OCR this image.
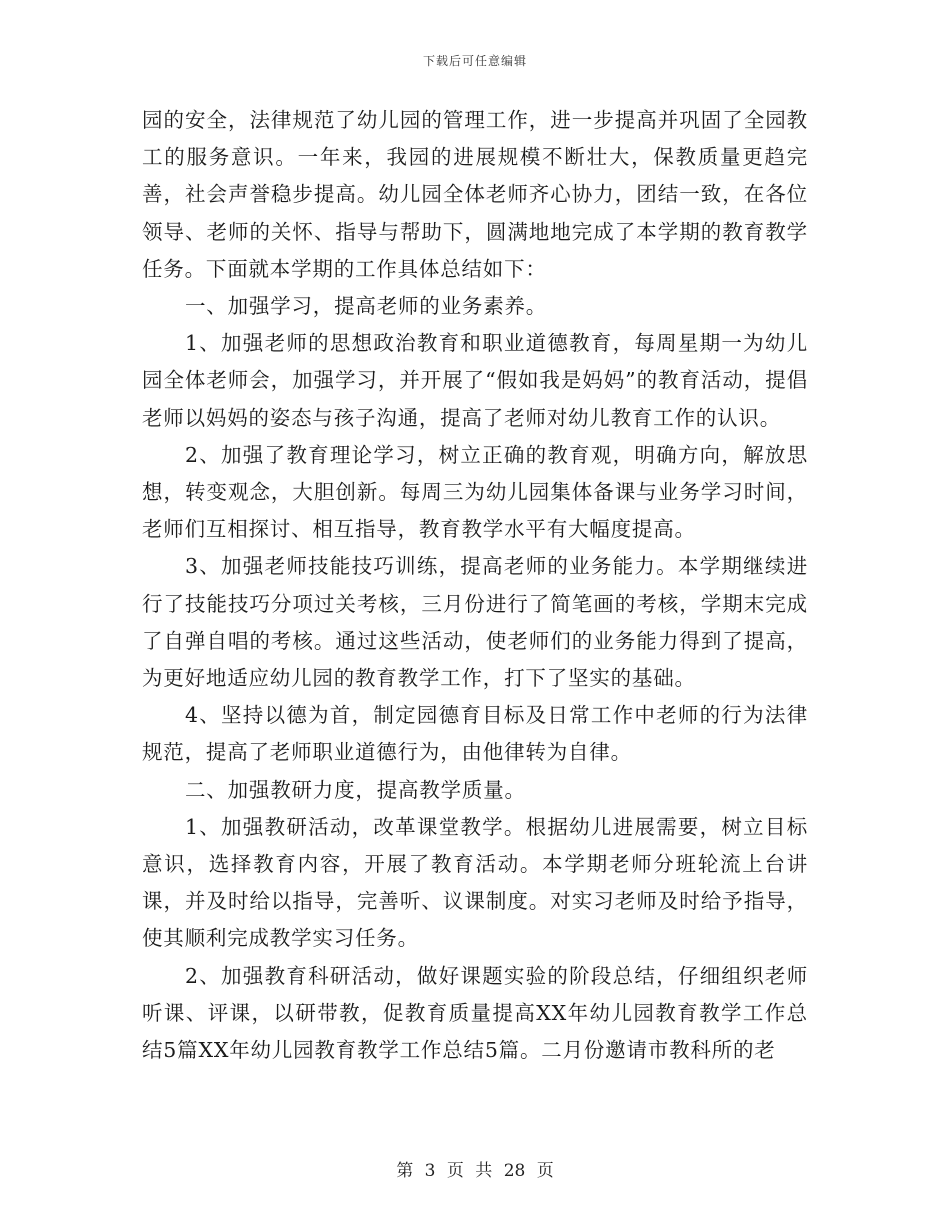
下载后可任意编辑

园的安全，法律规范了幼儿园的管理工作，进一步提高并巩固了全园教工的服务意识。一年来，我园的进展规模不断壮大，保教质量更趋完善，社会声誉稳步提高。幼儿园全体老师齐心协力，团结一致，在各位领导、老师的关怀、指导与帮助下，圆满地地完成了本学期的教育教学任务。下面就本学期的工作具体总结如下：

一、加强学习，提高老师的业务素养。

1、加强老师的思想政治教育和职业道德教育，每周星期一为幼儿园全体老师会，加强学习，并开展了“假如我是妈妈”的教育活动，提倡老师以妈妈的姿态与孩子沟通，提高了老师对幼儿教育工作的认识。

2、加强了教育理论学习，树立正确的教育观，明确方向，解放思想，转变观念，大胆创新。每周三为幼儿园集体备课与业务学习时间，老师们互相探讨、相互指导，教育教学水平有大幅度提高。

3、加强老师技能技巧训练，提高老师的业务能力。本学期继续进行了技能技巧分项过关考核，三月份进行了简笔画的考核，学期末完成了自弹自唱的考核。通过这些活动，使老师们的业务能力得到了提高，为更好地适应幼儿园的教育教学工作，打下了坚实的基础。

4、坚持以德为首，制定园德育目标及日常工作中老师的行为法律规范，提高了老师职业道德行为，由他律转为自律。

二、加强教研力度，提高教学质量。

1、加强教研活动，改革课堂教学。根据幼儿进展需要，树立目标意识，选择教育内容，开展了教育活动。本学期老师分班轮流上台讲课，并及时给以指导，完善听、议课制度。对实习老师及时给予指导，使其顺利完成教学实习任务。

2、加强教育科研活动，做好课题实验的阶段总结，仔细组织老师听课、评课，以研带教，促教育质量提高XX年幼儿园教育教学工作总结5篇XX年幼儿园教育教学工作总结5篇。二月份邀请市教科所的老

第 3 页 共 28 页
